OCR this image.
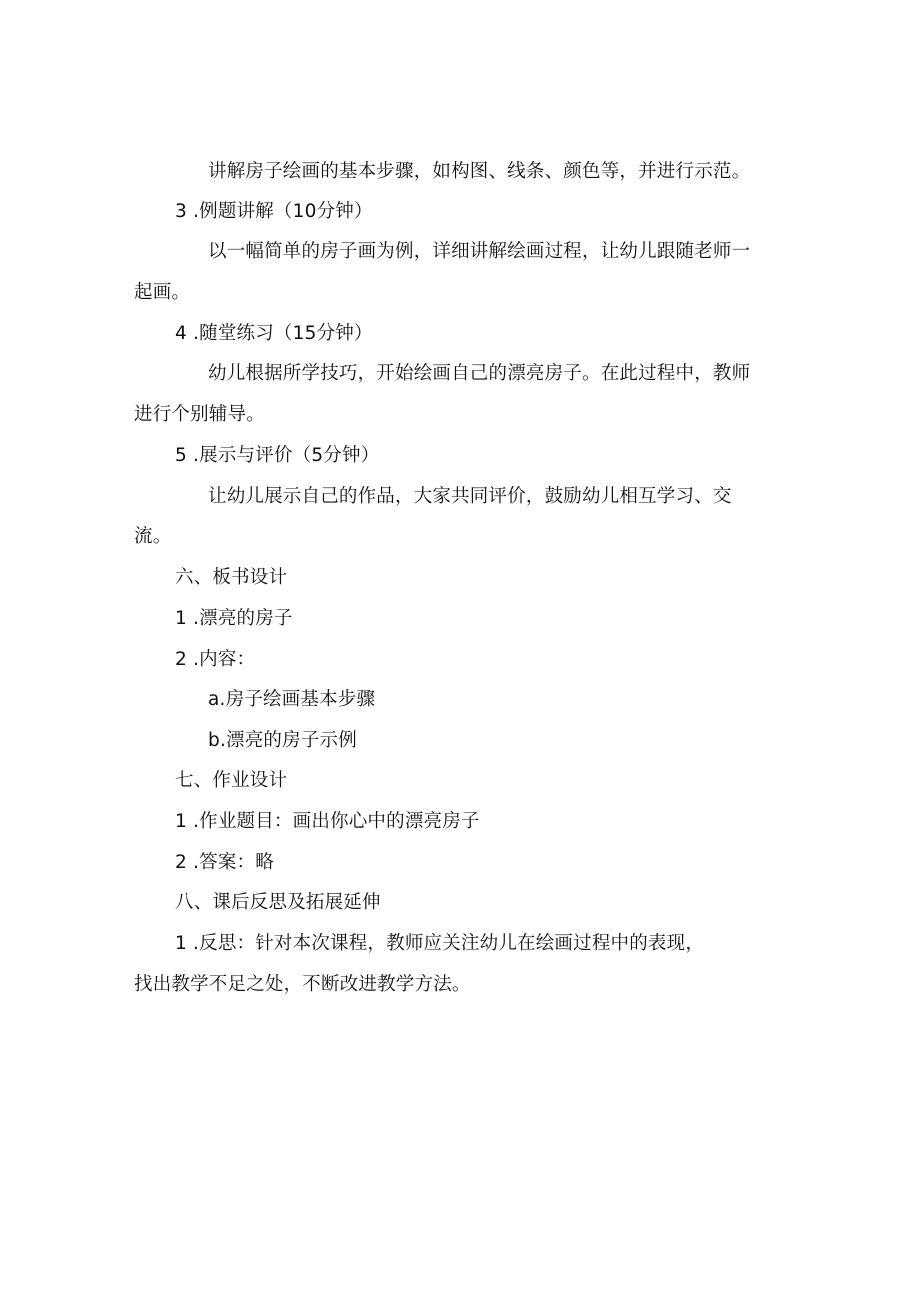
讲解房子绘画的基本步骤，如构图、线条、颜色等，并进行示范。
3 .例题讲解（10分钟）
以一幅简单的房子画为例，详细讲解绘画过程，让幼儿跟随老师一
起画。
4 .随堂练习（15分钟）
幼儿根据所学技巧，开始绘画自己的漂亮房子。在此过程中，教师
进行个别辅导。
5 .展示与评价（5分钟）
让幼儿展示自己的作品，大家共同评价，鼓励幼儿相互学习、交
流。
六、板书设计
1 .漂亮的房子
2 .内容：
a.房子绘画基本步骤
b.漂亮的房子示例
七、作业设计
1 .作业题目：画出你心中的漂亮房子
2 .答案：略
八、课后反思及拓展延伸
1 .反思：针对本次课程，教师应关注幼儿在绘画过程中的表现，
找出教学不足之处，不断改进教学方法。
